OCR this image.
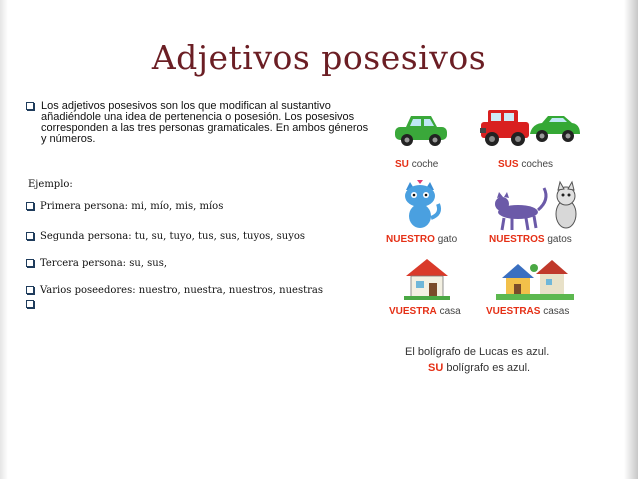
Adjetivos posesivos
Los adjetivos posesivos son los que modifican al sustantivo añadiéndole una idea de pertenencia o posesión. Los posesivos corresponden a las tres personas gramaticales. En ambos géneros y números.
Ejemplo:
Primera persona: mi, mío, mis, míos
Segunda persona: tu, su, tuyo, tus, sus, tuyos, suyos
Tercera persona: su, sus,
Varios poseedores: nuestro, nuestra, nuestros, nuestras
SU coche	SUS coches
NUESTRO gato	NUESTROS gatos
VUESTRA casa	VUESTRAS casas
El bolígrafo de Lucas es azul.
SU bolígrafo es azul.
